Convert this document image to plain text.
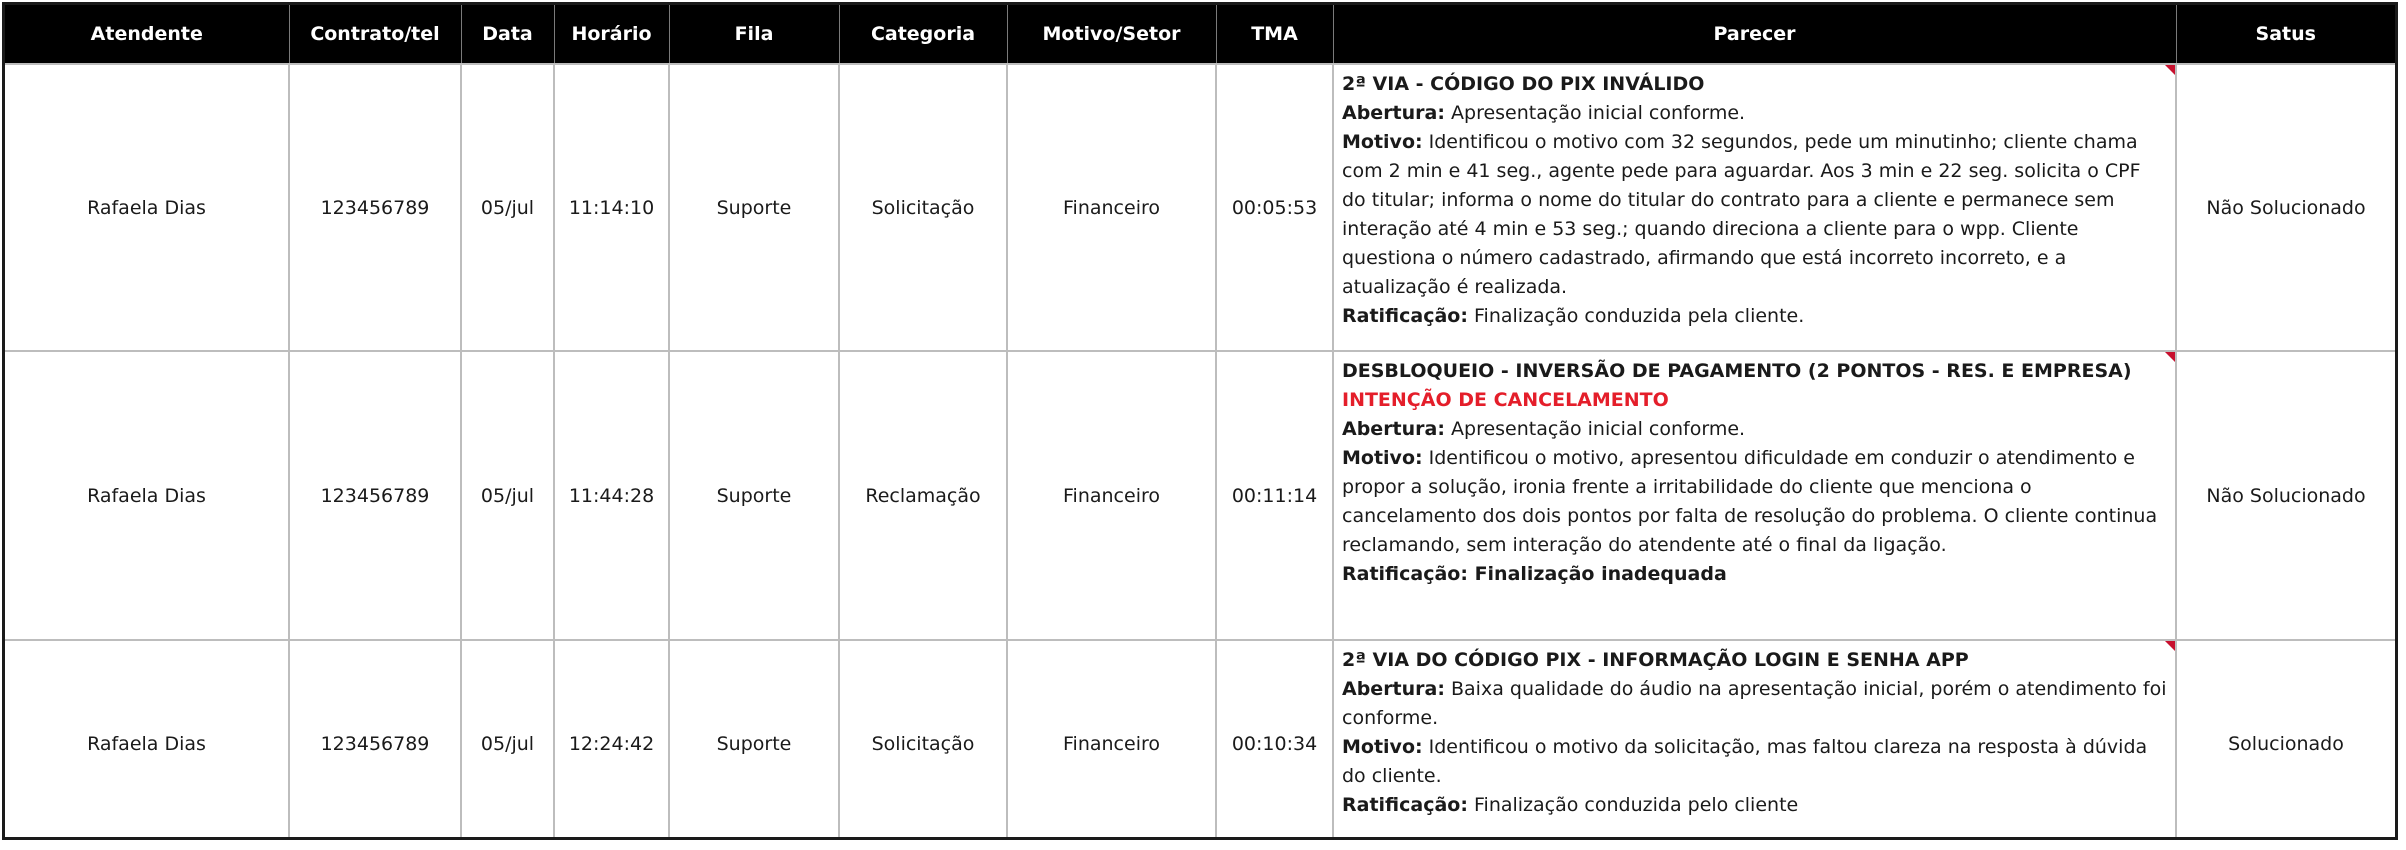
Atendente	Contrato/tel	Data	Horário	Fila	Categoria	Motivo/Setor	TMA	Parecer	Satus
Rafaela Dias	123456789	05/jul	11:14:10	Suporte	Solicitação	Financeiro	00:05:53	2ª VIA - CÓDIGO DO PIX INVÁLIDO
Abertura: Apresentação inicial conforme.
Motivo: Identificou o motivo com 32 segundos, pede um minutinho; cliente chama com 2 min e 41 seg., agente pede para aguardar. Aos 3 min e 22 seg. solicita o CPF do titular; informa o nome do titular do contrato para a cliente e permanece sem interação até 4 min e 53 seg.; quando direciona a cliente para o wpp. Cliente questiona o número cadastrado, afirmando que está incorreto incorreto, e a atualização é realizada.
Ratificação: Finalização conduzida pela cliente.	Não Solucionado
Rafaela Dias	123456789	05/jul	11:44:28	Suporte	Reclamação	Financeiro	00:11:14	DESBLOQUEIO - INVERSÃO DE PAGAMENTO (2 PONTOS - RES. E EMPRESA)
INTENÇÃO DE CANCELAMENTO
Abertura: Apresentação inicial conforme.
Motivo: Identificou o motivo, apresentou dificuldade em conduzir o atendimento e propor a solução, ironia frente a irritabilidade do cliente que menciona o cancelamento dos dois pontos por falta de resolução do problema. O cliente continua reclamando, sem interação do atendente até o final da ligação.
Ratificação: Finalização inadequada	Não Solucionado
Rafaela Dias	123456789	05/jul	12:24:42	Suporte	Solicitação	Financeiro	00:10:34	2ª VIA DO CÓDIGO PIX - INFORMAÇÃO LOGIN E SENHA APP
Abertura: Baixa qualidade do áudio na apresentação inicial, porém o atendimento foi conforme.
Motivo: Identificou o motivo da solicitação, mas faltou clareza na resposta à dúvida do cliente.
Ratificação: Finalização conduzida pelo cliente	Solucionado
